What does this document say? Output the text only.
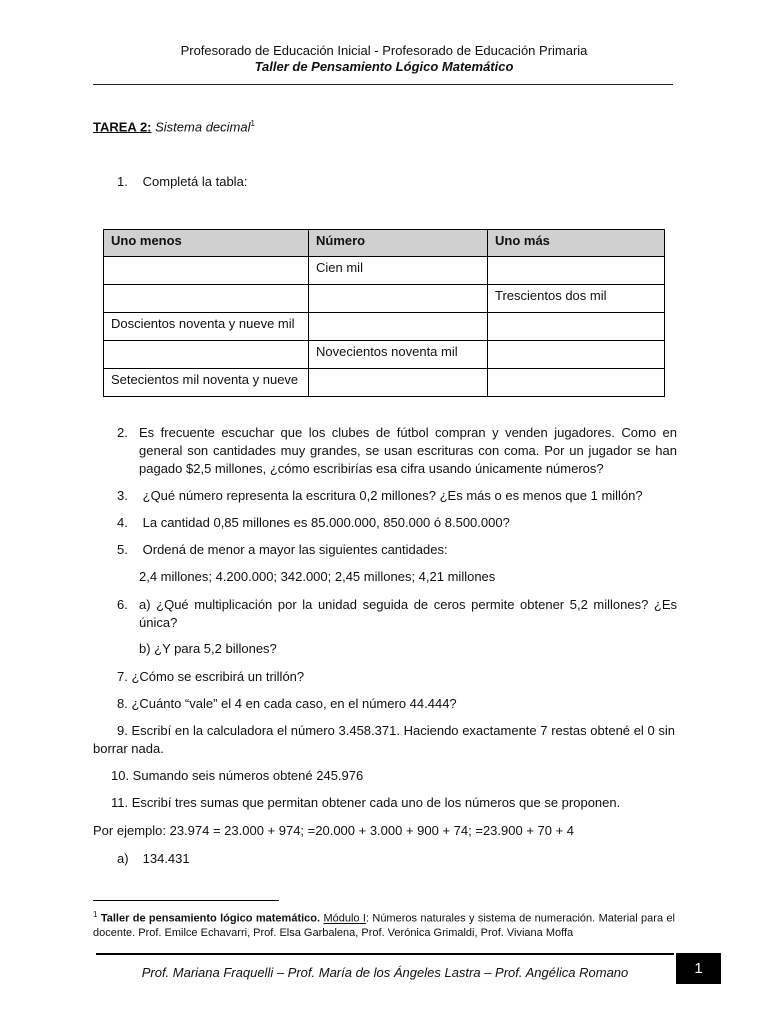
Profesorado de Educación Inicial - Profesorado de Educación Primaria
Taller de Pensamiento Lógico Matemático
TAREA 2: Sistema decimal$^1$
1. Completá la tabla:
Uno menos	Número	Uno más
	Cien mil	
		Trescientos dos mil
Doscientos noventa y nueve mil		
	Novecientos noventa mil	
Setecientos mil noventa y nueve		
2. Es frecuente escuchar que los clubes de fútbol compran y venden jugadores. Como en general son cantidades muy grandes, se usan escrituras con coma. Por un jugador se han pagado $2,5 millones, ¿cómo escribirías esa cifra usando únicamente números?
3. ¿Qué número representa la escritura 0,2 millones? ¿Es más o es menos que 1 millón?
4. La cantidad 0,85 millones es 85.000.000, 850.000 ó 8.500.000?
5. Ordená de menor a mayor las siguientes cantidades:
2,4 millones; 4.200.000; 342.000; 2,45 millones; 4,21 millones
6. a) ¿Qué multiplicación por la unidad seguida de ceros permite obtener 5,2 millones? ¿Es única?
b) ¿Y para 5,2 billones?
7. ¿Cómo se escribirá un trillón?
8. ¿Cuánto “vale” el 4 en cada caso, en el número 44.444?
9. Escribí en la calculadora el número 3.458.371. Haciendo exactamente 7 restas obtené el 0 sin borrar nada.
10. Sumando seis números obtené 245.976
11. Escribí tres sumas que permitan obtener cada uno de los números que se proponen.
Por ejemplo: 23.974 = 23.000 + 974; =20.000 + 3.000 + 900 + 74; =23.900 + 70 + 4
a) 134.431
$^1$ Taller de pensamiento lógico matemático. Módulo I: Números naturales y sistema de numeración. Material para el docente. Prof. Emilce Echavarri, Prof. Elsa Garbalena, Prof. Verónica Grimaldi, Prof. Viviana Moffa
Prof. Mariana Fraquelli – Prof. María de los Ángeles Lastra – Prof. Angélica Romano	1
